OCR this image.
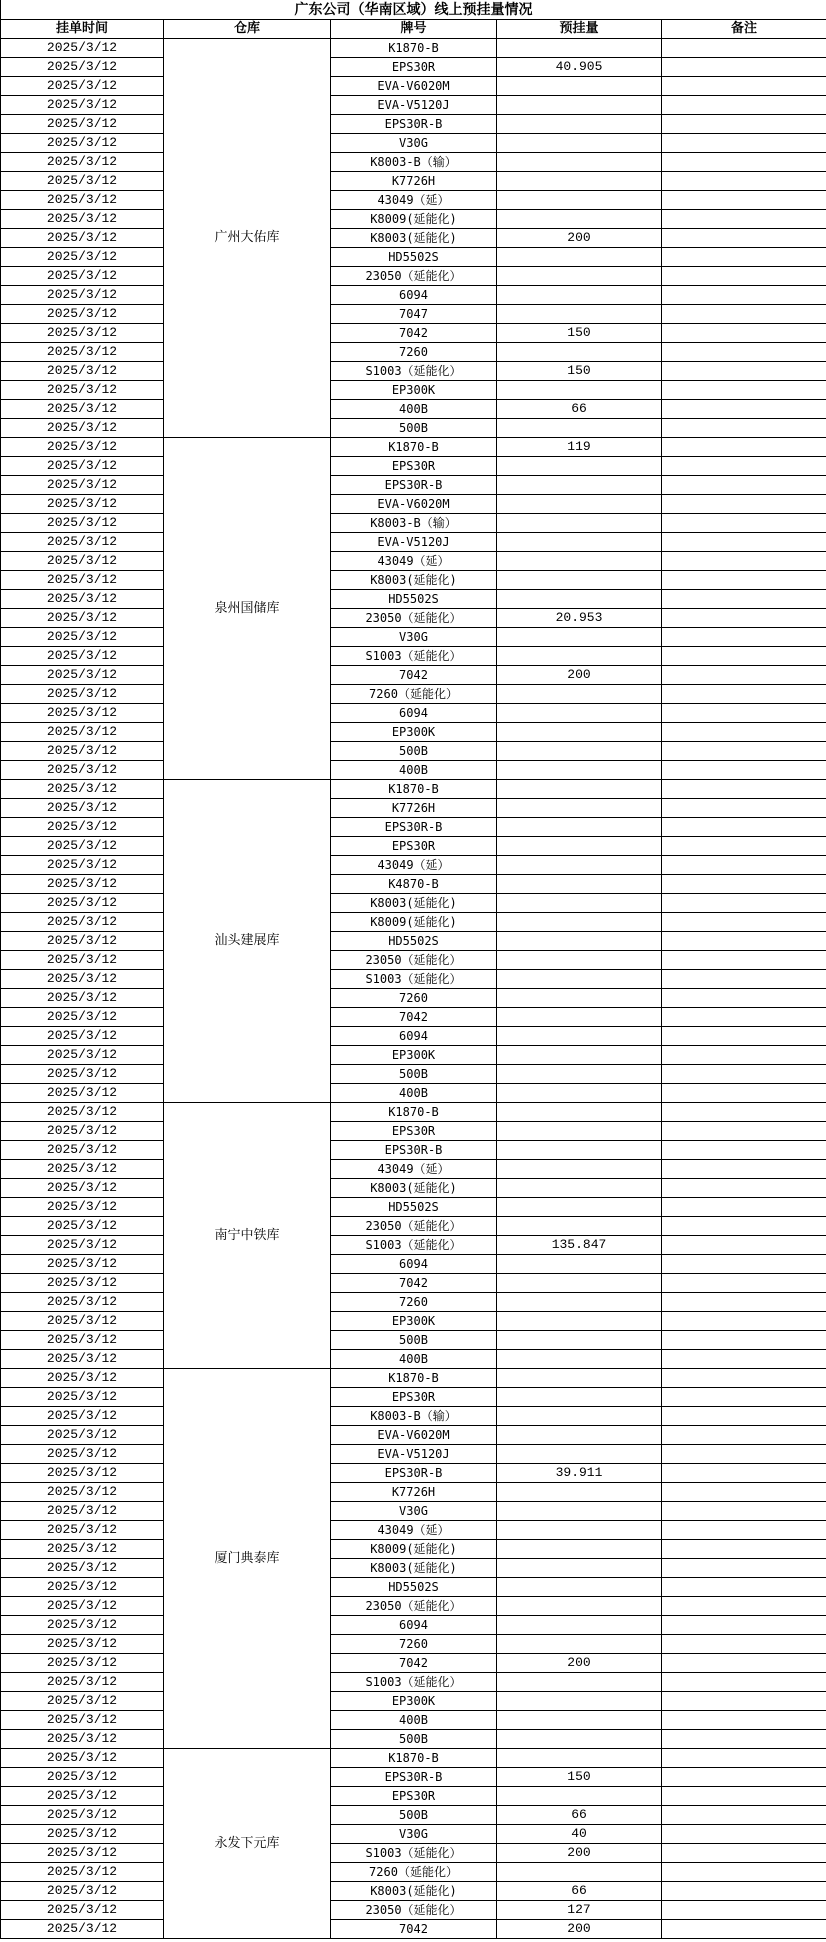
广东公司（华南区域）线上预挂量情况				
挂单时间	仓库	牌号	预挂量	备注
2025/3/12	广州大佑库	K1870-B		
2025/3/12		EPS30R	40.905	
2025/3/12		EVA-V6020M		
2025/3/12		EVA-V5120J		
2025/3/12		EPS30R-B		
2025/3/12		V30G		
2025/3/12		K8003-B（输）		
2025/3/12		K7726H		
2025/3/12		43049（延）		
2025/3/12		K8009(延能化)		
2025/3/12		K8003(延能化)	200	
2025/3/12		HD5502S		
2025/3/12		23050（延能化）		
2025/3/12		6094		
2025/3/12		7047		
2025/3/12		7042	150	
2025/3/12		7260		
2025/3/12		S1003（延能化）	150	
2025/3/12		EP300K		
2025/3/12		400B	66	
2025/3/12		500B		
2025/3/12	泉州国储库	K1870-B	119	
2025/3/12		EPS30R		
2025/3/12		EPS30R-B		
2025/3/12		EVA-V6020M		
2025/3/12		K8003-B（输）		
2025/3/12		EVA-V5120J		
2025/3/12		43049（延）		
2025/3/12		K8003(延能化)		
2025/3/12		HD5502S		
2025/3/12		23050（延能化）	20.953	
2025/3/12		V30G		
2025/3/12		S1003（延能化）		
2025/3/12		7042	200	
2025/3/12		7260（延能化）		
2025/3/12		6094		
2025/3/12		EP300K		
2025/3/12		500B		
2025/3/12		400B		
2025/3/12	汕头建展库	K1870-B		
2025/3/12		K7726H		
2025/3/12		EPS30R-B		
2025/3/12		EPS30R		
2025/3/12		43049（延）		
2025/3/12		K4870-B		
2025/3/12		K8003(延能化)		
2025/3/12		K8009(延能化)		
2025/3/12		HD5502S		
2025/3/12		23050（延能化）		
2025/3/12		S1003（延能化）		
2025/3/12		7260		
2025/3/12		7042		
2025/3/12		6094		
2025/3/12		EP300K		
2025/3/12		500B		
2025/3/12		400B		
2025/3/12	南宁中铁库	K1870-B		
2025/3/12		EPS30R		
2025/3/12		EPS30R-B		
2025/3/12		43049（延）		
2025/3/12		K8003(延能化)		
2025/3/12		HD5502S		
2025/3/12		23050（延能化）		
2025/3/12		S1003（延能化）	135.847	
2025/3/12		6094		
2025/3/12		7042		
2025/3/12		7260		
2025/3/12		EP300K		
2025/3/12		500B		
2025/3/12		400B		
2025/3/12	厦门典泰库	K1870-B		
2025/3/12		EPS30R		
2025/3/12		K8003-B（输）		
2025/3/12		EVA-V6020M		
2025/3/12		EVA-V5120J		
2025/3/12		EPS30R-B	39.911	
2025/3/12		K7726H		
2025/3/12		V30G		
2025/3/12		43049（延）		
2025/3/12		K8009(延能化)		
2025/3/12		K8003(延能化)		
2025/3/12		HD5502S		
2025/3/12		23050（延能化）		
2025/3/12		6094		
2025/3/12		7260		
2025/3/12		7042	200	
2025/3/12		S1003（延能化）		
2025/3/12		EP300K		
2025/3/12		400B		
2025/3/12		500B		
2025/3/12	永发下元库	K1870-B		
2025/3/12		EPS30R-B	150	
2025/3/12		EPS30R		
2025/3/12		500B	66	
2025/3/12		V30G	40	
2025/3/12		S1003（延能化）	200	
2025/3/12		7260（延能化）		
2025/3/12		K8003(延能化)	66	
2025/3/12		23050（延能化）	127	
2025/3/12		7042	200	
